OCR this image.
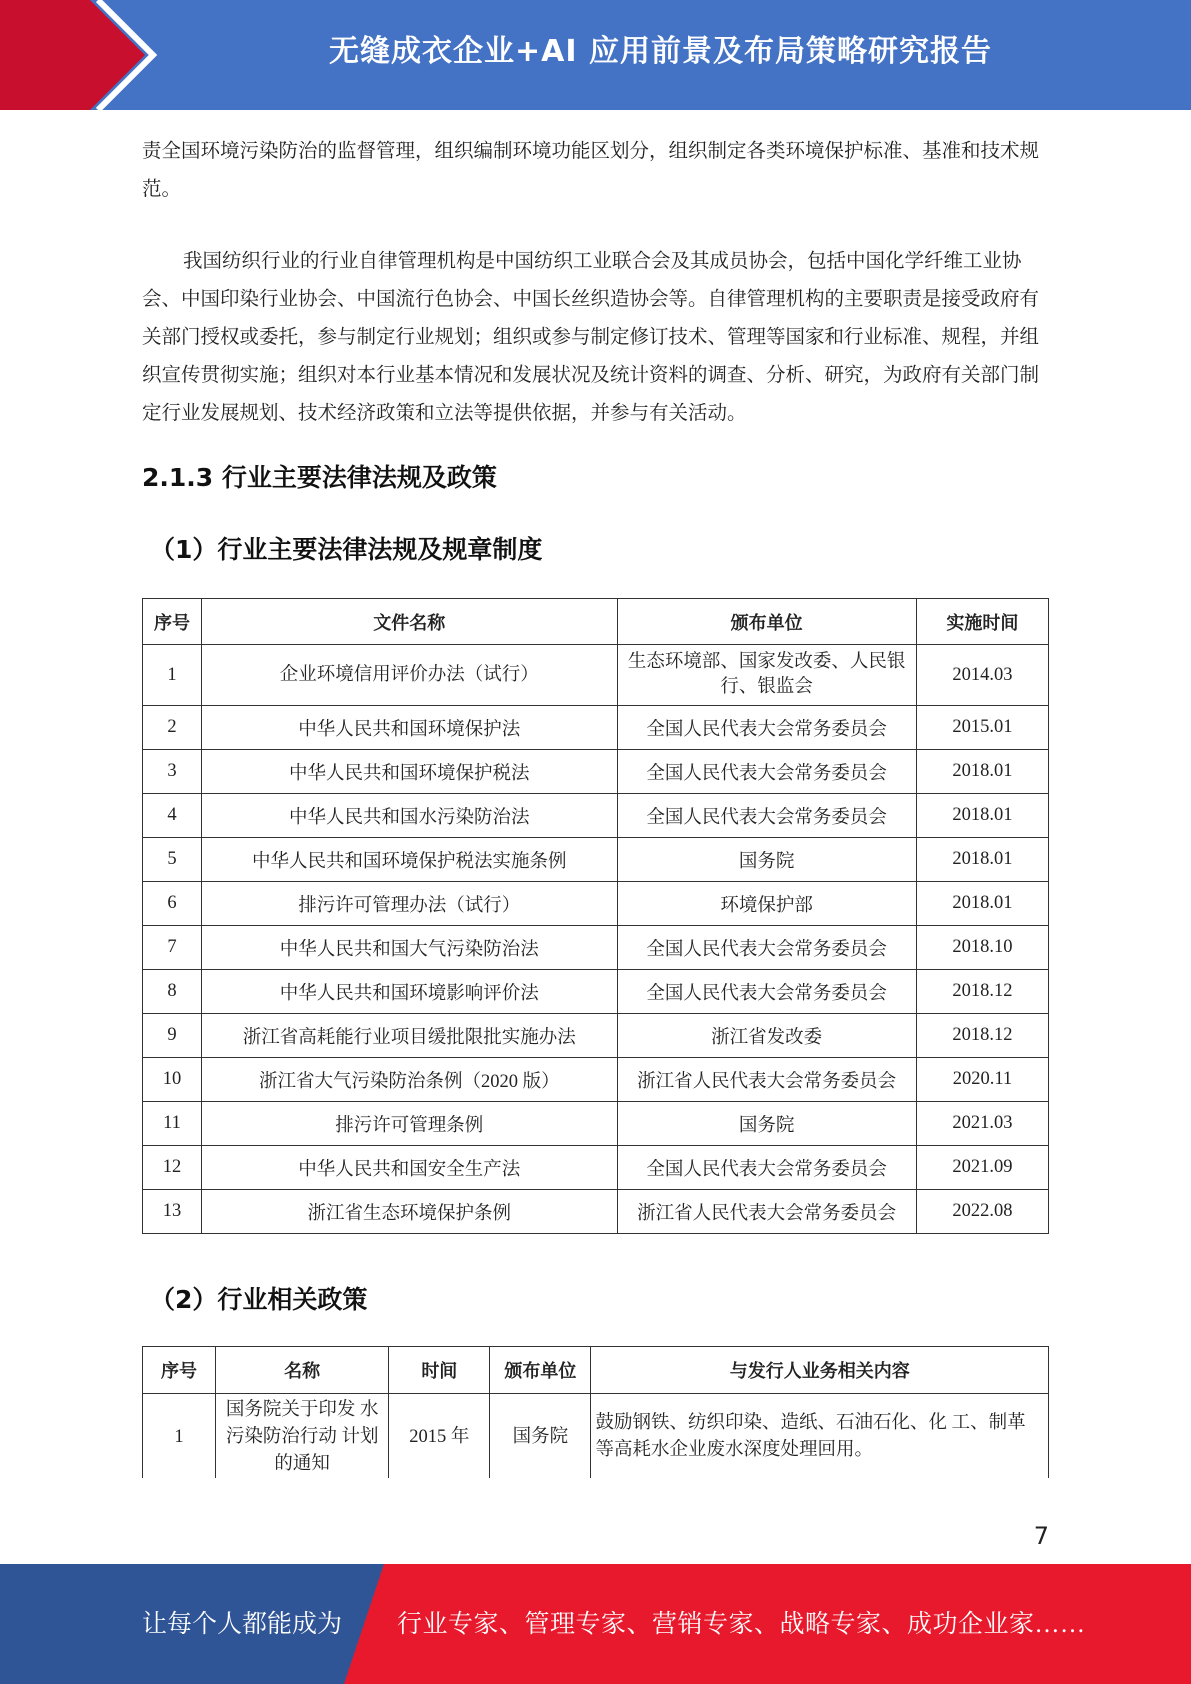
无缝成衣企业+AI 应用前景及布局策略研究报告

责全国环境污染防治的监督管理，组织编制环境功能区划分，组织制定各类环境保护标准、基准和技术规范。

我国纺织行业的行业自律管理机构是中国纺织工业联合会及其成员协会，包括中国化学纤维工业协会、中国印染行业协会、中国流行色协会、中国长丝织造协会等。自律管理机构的主要职责是接受政府有关部门授权或委托，参与制定行业规划；组织或参与制定修订技术、管理等国家和行业标准、规程，并组织宣传贯彻实施；组织对本行业基本情况和发展状况及统计资料的调查、分析、研究，为政府有关部门制定行业发展规划、技术经济政策和立法等提供依据，并参与有关活动。

2.1.3 行业主要法律法规及政策
（1）行业主要法律法规及规章制度
序号	文件名称	颁布单位	实施时间
1	企业环境信用评价办法（试行）	生态环境部、国家发改委、人民银行、银监会	2014.03
2	中华人民共和国环境保护法	全国人民代表大会常务委员会	2015.01
3	中华人民共和国环境保护税法	全国人民代表大会常务委员会	2018.01
4	中华人民共和国水污染防治法	全国人民代表大会常务委员会	2018.01
5	中华人民共和国环境保护税法实施条例	国务院	2018.01
6	排污许可管理办法（试行）	环境保护部	2018.01
7	中华人民共和国大气污染防治法	全国人民代表大会常务委员会	2018.10
8	中华人民共和国环境影响评价法	全国人民代表大会常务委员会	2018.12
9	浙江省高耗能行业项目缓批限批实施办法	浙江省发改委	2018.12
10	浙江省大气污染防治条例（2020 版）	浙江省人民代表大会常务委员会	2020.11
11	排污许可管理条例	国务院	2021.03
12	中华人民共和国安全生产法	全国人民代表大会常务委员会	2021.09
13	浙江省生态环境保护条例	浙江省人民代表大会常务委员会	2022.08
（2）行业相关政策
序号	名称	时间	颁布单位	与发行人业务相关内容
1	国务院关于印发 水污染防治行动 计划的通知	2015 年	国务院	鼓励钢铁、纺织印染、造纸、石油石化、化 工、制革等高耗水企业废水深度处理回用。
7
让每个人都能成为 行业专家、管理专家、营销专家、战略专家、成功企业家……
